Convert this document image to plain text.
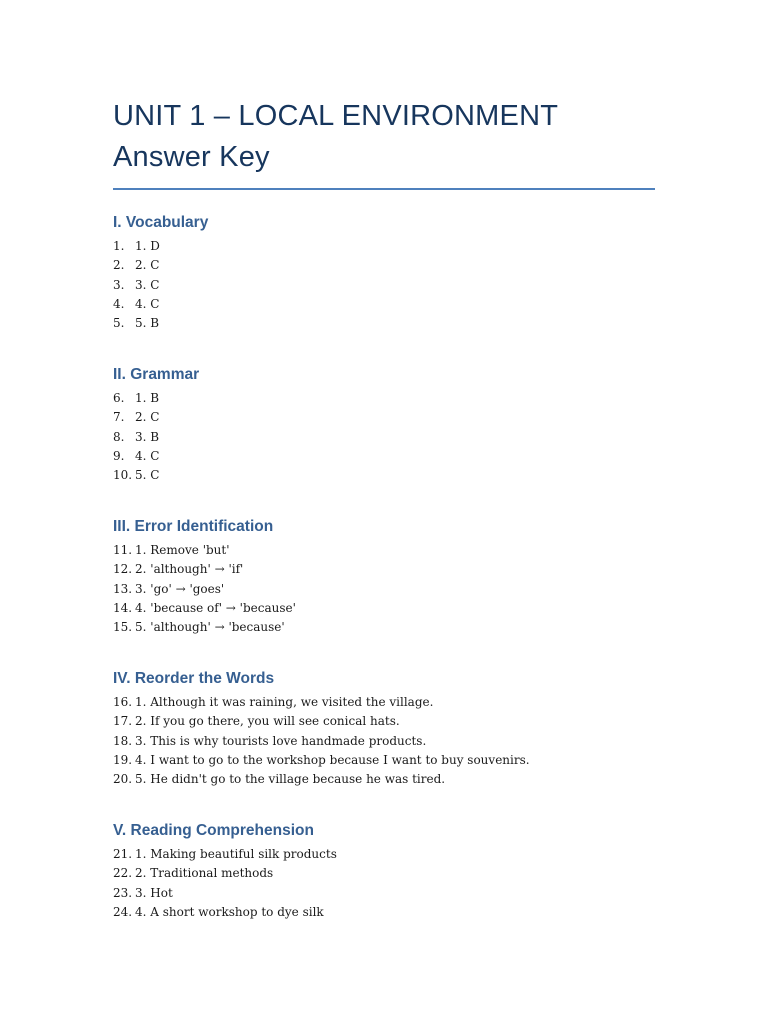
UNIT 1 – LOCAL ENVIRONMENT
Answer Key
I. Vocabulary
1. 1. D
2. 2. C
3. 3. C
4. 4. C
5. 5. B
II. Grammar
6. 1. B
7. 2. C
8. 3. B
9. 4. C
10. 5. C
III. Error Identification
11. 1. Remove 'but'
12. 2. 'although' → 'if'
13. 3. 'go' → 'goes'
14. 4. 'because of' → 'because'
15. 5. 'although' → 'because'
IV. Reorder the Words
16. 1. Although it was raining, we visited the village.
17. 2. If you go there, you will see conical hats.
18. 3. This is why tourists love handmade products.
19. 4. I want to go to the workshop because I want to buy souvenirs.
20. 5. He didn't go to the village because he was tired.
V. Reading Comprehension
21. 1. Making beautiful silk products
22. 2. Traditional methods
23. 3. Hot
24. 4. A short workshop to dye silk
